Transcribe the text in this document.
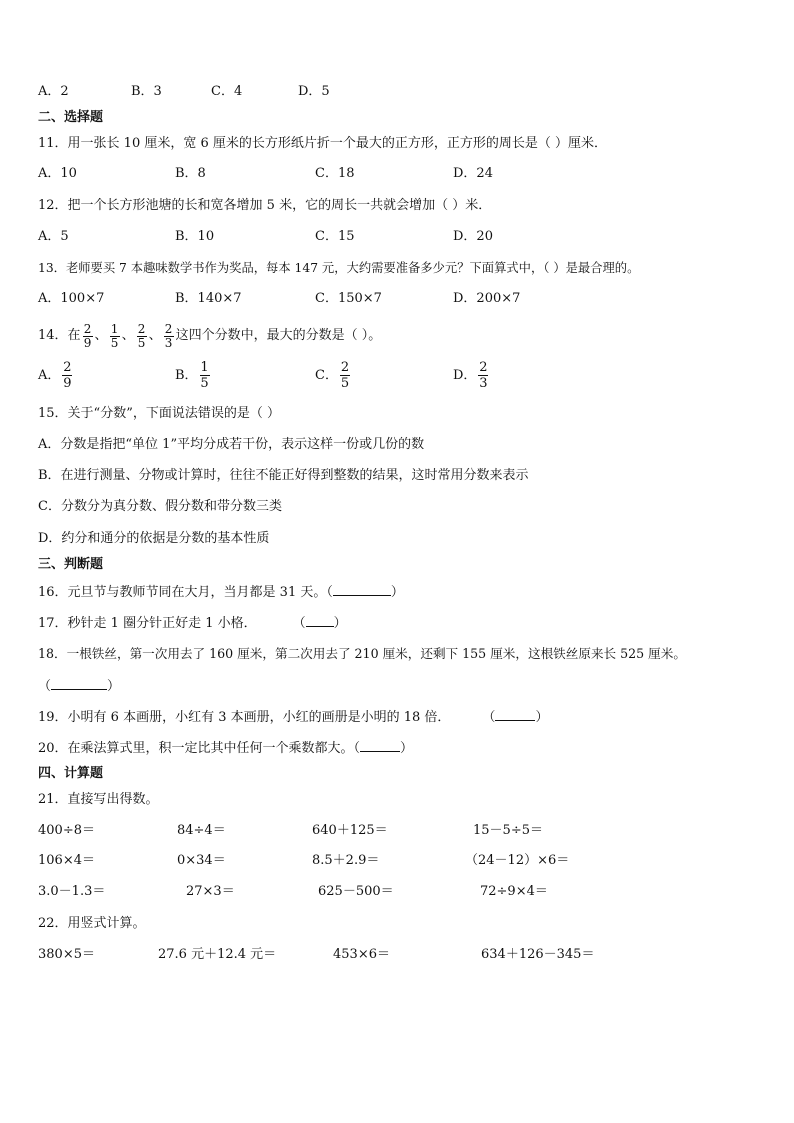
A．2	B．3	C．4	D．5
二、选择题
11．用一张长 10 厘米，宽 6 厘米的长方形纸片折一个最大的正方形，正方形的周长是（ ）厘米．
A．10	B．8	C．18	D．24
12．把一个长方形池塘的长和宽各增加 5 米，它的周长一共就会增加（ ）米．
A．5	B．10	C．15	D．20
13．老师要买 7 本趣味数学书作为奖品，每本 147 元，大约需要准备多少元？下面算式中，（ ）是最合理的。
A．100×7	B．140×7	C．150×7	D．200×7
14．在 $\frac{2}{9}$ 、 $\frac{1}{5}$ 、 $\frac{2}{5}$ 、 $\frac{2}{3}$ 这四个分数中，最大的分数是（ ）。
A． $\frac{2}{9}$	B． $\frac{1}{5}$	C． $\frac{2}{5}$	D． $\frac{2}{3}$
15．关于“分数”，下面说法错误的是（ ）
A．分数是指把“单位 1”平均分成若干份，表示这样一份或几份的数
B．在进行测量、分物或计算时，往往不能正好得到整数的结果，这时常用分数来表示
C．分数分为真分数、假分数和带分数三类
D．约分和通分的依据是分数的基本性质
三、判断题
16．元旦节与教师节同在大月，当月都是 31 天。（	）
17．秒针走 1 圈分针正好走 1 小格．	（ ）
18．一根铁丝，第一次用去了 160 厘米，第二次用去了 210 厘米，还剩下 155 厘米，这根铁丝原来长 525 厘米。
（	）
19．小明有 6 本画册，小红有 3 本画册，小红的画册是小明的 18 倍． （	）
20．在乘法算式里，积一定比其中任何一个乘数都大。（	）
四、计算题
21．直接写出得数。
400÷8＝	84÷4＝	640＋125＝	15－5÷5＝
106×4＝	0×34＝	8.5＋2.9＝	（24－12）×6＝
3.0－1.3＝	27×3＝	625－500＝	72÷9×4＝
22．用竖式计算。
380×5＝	27.6 元＋12.4 元＝	453×6＝	634＋126－345＝
